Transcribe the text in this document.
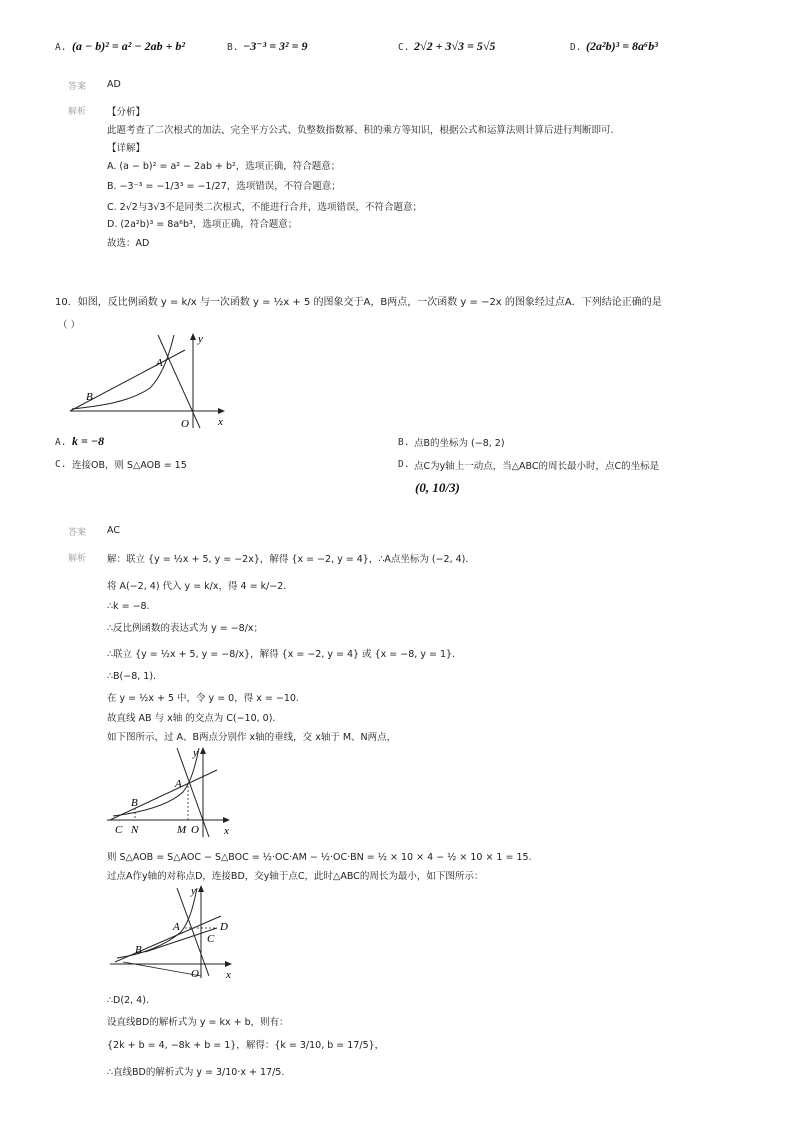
A. (a − b)² = a² − 2ab + b²	B. −3⁻³ = 3² = 9	C. 2√2 + 3√3 = 5√5	D. (2a²b)³ = 8a⁶b³
答案 AD
解析 【分析】
此题考查了二次根式的加法、完全平方公式、负整数指数幂、积的乘方等知识，根据公式和运算法则计算后进行判断即可.
【详解】
A. (a − b)² = a² − 2ab + b²，选项正确，符合题意；
B. −3⁻³ = −1/3³ = −1/27，选项错误，不符合题意；
C. 2√2与3√3不是同类二次根式，不能进行合并，选项错误，不符合题意；
D. (2a²b)³ = 8a⁶b³，选项正确，符合题意；
故选：AD
10．如图，反比例函数 y = k/x 与一次函数 y = ½x + 5 的图象交于A，B两点，一次函数 y = −2x 的图象经过点A．下列结论正确的是
（ ）
A
B
O	x
y
A. k = −8	B. 点B的坐标为 (−8, 2)
C. 连接OB，则 S△AOB = 15	D. 点C为y轴上一动点，当△ABC的周长最小时，点C的坐标是
(0, 10/3)
答案 AC
解析 解：联立 {y = ½x + 5, y = −2x}，解得 {x = −2, y = 4}，∴A点坐标为 (−2, 4).
将 A(−2, 4) 代入 y = k/x，得 4 = k/−2.
∴k = −8.
∴反比例函数的表达式为 y = −8/x；
∴联立 {y = ½x + 5, y = −8/x}，解得 {x = −2, y = 4} 或 {x = −8, y = 1}.
∴B(−8, 1).
在 y = ½x + 5 中，令 y = 0，得 x = −10.
故直线 AB 与 x轴 的交点为 C(−10, 0).
如下图所示，过 A、B两点分别作 x轴的垂线，交 x轴于 M、N两点，
A
B
C N	M O x
y
则 S△AOB = S△AOC − S△BOC = ½·OC·AM − ½·OC·BN = ½ × 10 × 4 − ½ × 10 × 1 = 15.
过点A作y轴的对称点D，连接BD，交y轴于点C，此时△ABC的周长为最小，如下图所示：
A
B
C
D
O x
y
∴D(2, 4).
设直线BD的解析式为 y = kx + b，则有：
{2k + b = 4, −8k + b = 1}，解得：{k = 3/10, b = 17/5}，
∴直线BD的解析式为 y = 3/10·x + 17/5.
